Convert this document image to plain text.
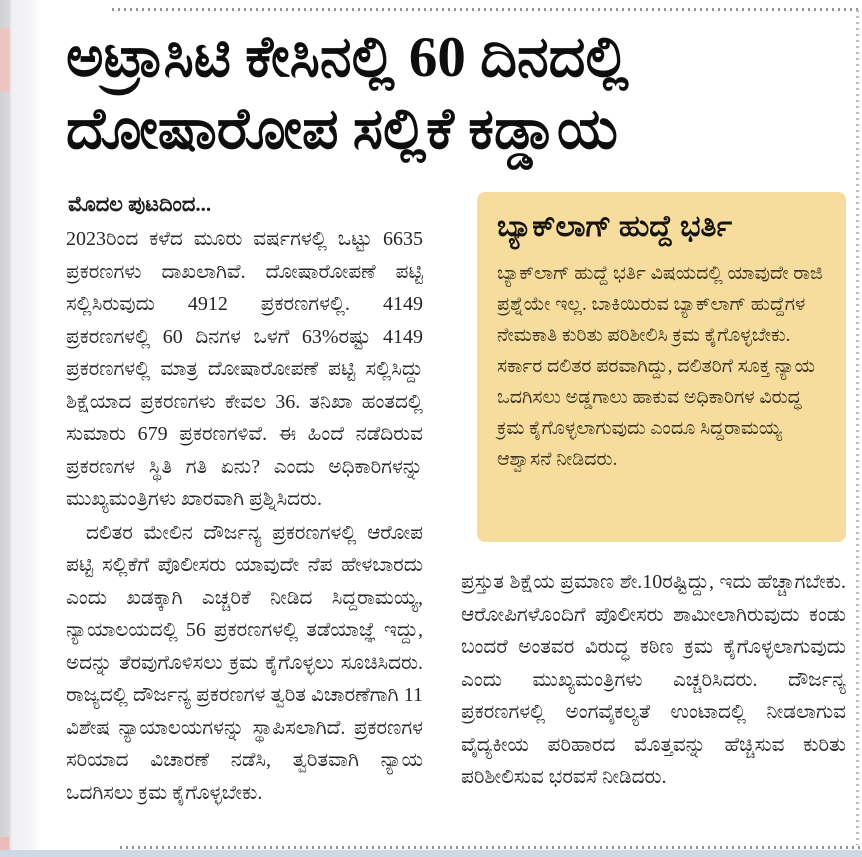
ಅಟ್ರಾಸಿಟಿ ಕೇಸಿನಲ್ಲಿ 60 ದಿನದಲ್ಲಿ
ದೋಷಾರೋಪ ಸಲ್ಲಿಕೆ ಕಡ್ಡಾಯ

ಮೊದಲ ಪುಟದಿಂದ...

2023ರಿಂದ ಕಳೆದ ಮೂರು ವರ್ಷಗಳಲ್ಲಿ ಒಟ್ಟು 6635 ಪ್ರಕರಣಗಳು ದಾಖಲಾಗಿವೆ. ದೋಷಾರೋಪಣೆ ಪಟ್ಟಿ ಸಲ್ಲಿಸಿರುವುದು 4912 ಪ್ರಕರಣಗಳಲ್ಲಿ. 4149 ಪ್ರಕರಣಗಳಲ್ಲಿ 60 ದಿನಗಳ ಒಳಗೆ 63%ರಷ್ಟು 4149 ಪ್ರಕರಣಗಳಲ್ಲಿ ಮಾತ್ರ ದೋಷಾರೋಪಣೆ ಪಟ್ಟಿ ಸಲ್ಲಿಸಿದ್ದು ಶಿಕ್ಷೆಯಾದ ಪ್ರಕರಣಗಳು ಕೇವಲ 36. ತನಿಖಾ ಹಂತದಲ್ಲಿ ಸುಮಾರು 679 ಪ್ರಕರಣಗಳಿವೆ. ಈ ಹಿಂದೆ ನಡೆದಿರುವ ಪ್ರಕರಣಗಳ ಸ್ಥಿತಿ ಗತಿ ಏನು? ಎಂದು ಅಧಿಕಾರಿಗಳನ್ನು ಮುಖ್ಯಮಂತ್ರಿಗಳು ಖಾರವಾಗಿ ಪ್ರಶ್ನಿಸಿದರು.

ದಲಿತರ ಮೇಲಿನ ದೌರ್ಜನ್ಯ ಪ್ರಕರಣಗಳಲ್ಲಿ ಆರೋಪ ಪಟ್ಟಿ ಸಲ್ಲಿಕೆಗೆ ಪೊಲೀಸರು ಯಾವುದೇ ನೆಪ ಹೇಳಬಾರದು ಎಂದು ಖಡಕ್ಕಾಗಿ ಎಚ್ಚರಿಕೆ ನೀಡಿದ ಸಿದ್ದರಾಮಯ್ಯ, ನ್ಯಾಯಾಲಯದಲ್ಲಿ 56 ಪ್ರಕರಣಗಳಲ್ಲಿ ತಡೆಯಾಜ್ಞೆ ಇದ್ದು, ಅದನ್ನು ತೆರವುಗೊಳಿಸಲು ಕ್ರಮ ಕೈಗೊಳ್ಳಲು ಸೂಚಿಸಿದರು. ರಾಜ್ಯದಲ್ಲಿ ದೌರ್ಜನ್ಯ ಪ್ರಕರಣಗಳ ತ್ವರಿತ ವಿಚಾರಣೆಗಾಗಿ 11 ವಿಶೇಷ ನ್ಯಾಯಾಲಯಗಳನ್ನು ಸ್ಥಾಪಿಸಲಾಗಿದೆ. ಪ್ರಕರಣಗಳ ಸರಿಯಾದ ವಿಚಾರಣೆ ನಡೆಸಿ, ತ್ವರಿತವಾಗಿ ನ್ಯಾಯ ಒದಗಿಸಲು ಕ್ರಮ ಕೈಗೊಳ್ಳಬೇಕು.

ಬ್ಯಾಕ್‌ಲಾಗ್ ಹುದ್ದೆ ಭರ್ತಿ

ಬ್ಯಾಕ್‌ಲಾಗ್ ಹುದ್ದೆ ಭರ್ತಿ ವಿಷಯದಲ್ಲಿ ಯಾವುದೇ ರಾಜಿ ಪ್ರಶ್ನೆಯೇ ಇಲ್ಲ. ಬಾಕಿಯಿರುವ ಬ್ಯಾಕ್‌ಲಾಗ್ ಹುದ್ದೆಗಳ ನೇಮಕಾತಿ ಕುರಿತು ಪರಿಶೀಲಿಸಿ ಕ್ರಮ ಕೈಗೊಳ್ಳಬೇಕು. ಸರ್ಕಾರ ದಲಿತರ ಪರವಾಗಿದ್ದು, ದಲಿತರಿಗೆ ಸೂಕ್ತ ನ್ಯಾಯ ಒದಗಿಸಲು ಅಡ್ಡಗಾಲು ಹಾಕುವ ಅಧಿಕಾರಿಗಳ ವಿರುದ್ಧ ಕ್ರಮ ಕೈಗೊಳ್ಳಲಾಗುವುದು ಎಂದೂ ಸಿದ್ದರಾಮಯ್ಯ ಆಶ್ವಾಸನೆ ನೀಡಿದರು.

ಪ್ರಸ್ತುತ ಶಿಕ್ಷೆಯ ಪ್ರಮಾಣ ಶೇ.10ರಷ್ಟಿದ್ದು, ಇದು ಹೆಚ್ಚಾಗಬೇಕು. ಆರೋಪಿಗಳೊಂದಿಗೆ ಪೊಲೀಸರು ಶಾಮೀಲಾಗಿರುವುದು ಕಂಡು ಬಂದರೆ ಅಂತವರ ವಿರುದ್ಧ ಕಠಿಣ ಕ್ರಮ ಕೈಗೊಳ್ಳಲಾಗುವುದು ಎಂದು ಮುಖ್ಯಮಂತ್ರಿಗಳು ಎಚ್ಚರಿಸಿದರು. ದೌರ್ಜನ್ಯ ಪ್ರಕರಣಗಳಲ್ಲಿ ಅಂಗವೈಕಲ್ಯತೆ ಉಂಟಾದಲ್ಲಿ ನೀಡಲಾಗುವ ವೈದ್ಯಕೀಯ ಪರಿಹಾರದ ಮೊತ್ತವನ್ನು ಹೆಚ್ಚಿಸುವ ಕುರಿತು ಪರಿಶೀಲಿಸುವ ಭರವಸೆ ನೀಡಿದರು.
